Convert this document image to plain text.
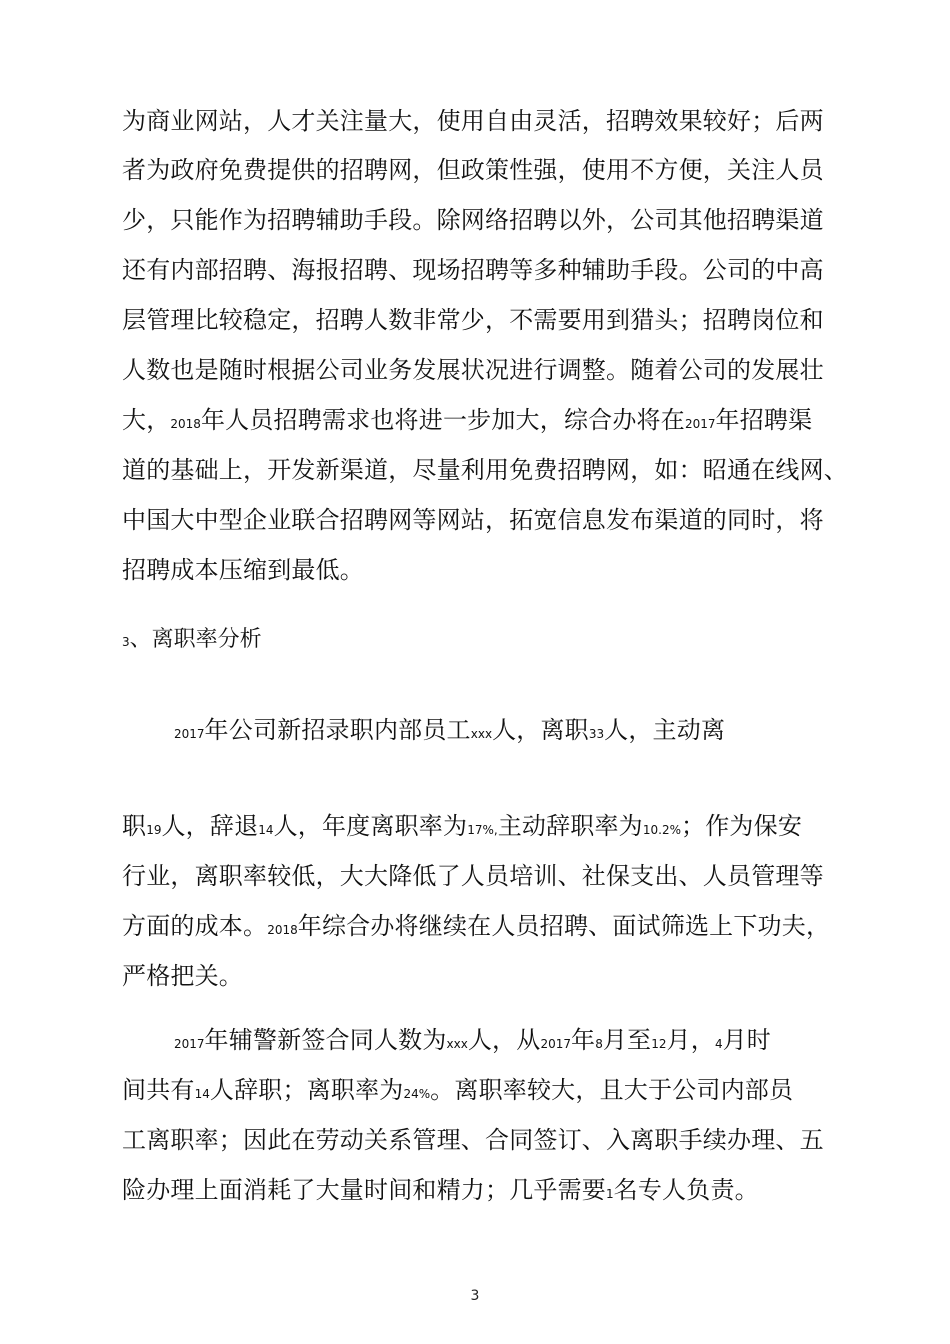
为商业网站，人才关注量大，使用自由灵活，招聘效果较好；后两
者为政府免费提供的招聘网，但政策性强，使用不方便，关注人员
少，只能作为招聘辅助手段。除网络招聘以外，公司其他招聘渠道
还有内部招聘、海报招聘、现场招聘等多种辅助手段。公司的中高
层管理比较稳定，招聘人数非常少，不需要用到猎头；招聘岗位和
人数也是随时根据公司业务发展状况进行调整。随着公司的发展壮
大，2018年人员招聘需求也将进一步加大，综合办将在2017年招聘渠
道的基础上，开发新渠道，尽量利用免费招聘网，如：昭通在线网、
中国大中型企业联合招聘网等网站，拓宽信息发布渠道的同时，将
招聘成本压缩到最低。
3、离职率分析
2017年公司新招录职内部员工xxx人，离职33人，主动离
职19人，辞退14人，年度离职率为17%,主动辞职率为10.2%；作为保安
行业，离职率较低，大大降低了人员培训、社保支出、人员管理等
方面的成本。2018年综合办将继续在人员招聘、面试筛选上下功夫，
严格把关。
2017年辅警新签合同人数为xxx人，从2017年8月至12月，4月时
间共有14人辞职；离职率为24%。离职率较大，且大于公司内部员
工离职率；因此在劳动关系管理、合同签订、入离职手续办理、五
险办理上面消耗了大量时间和精力；几乎需要1名专人负责。
3
